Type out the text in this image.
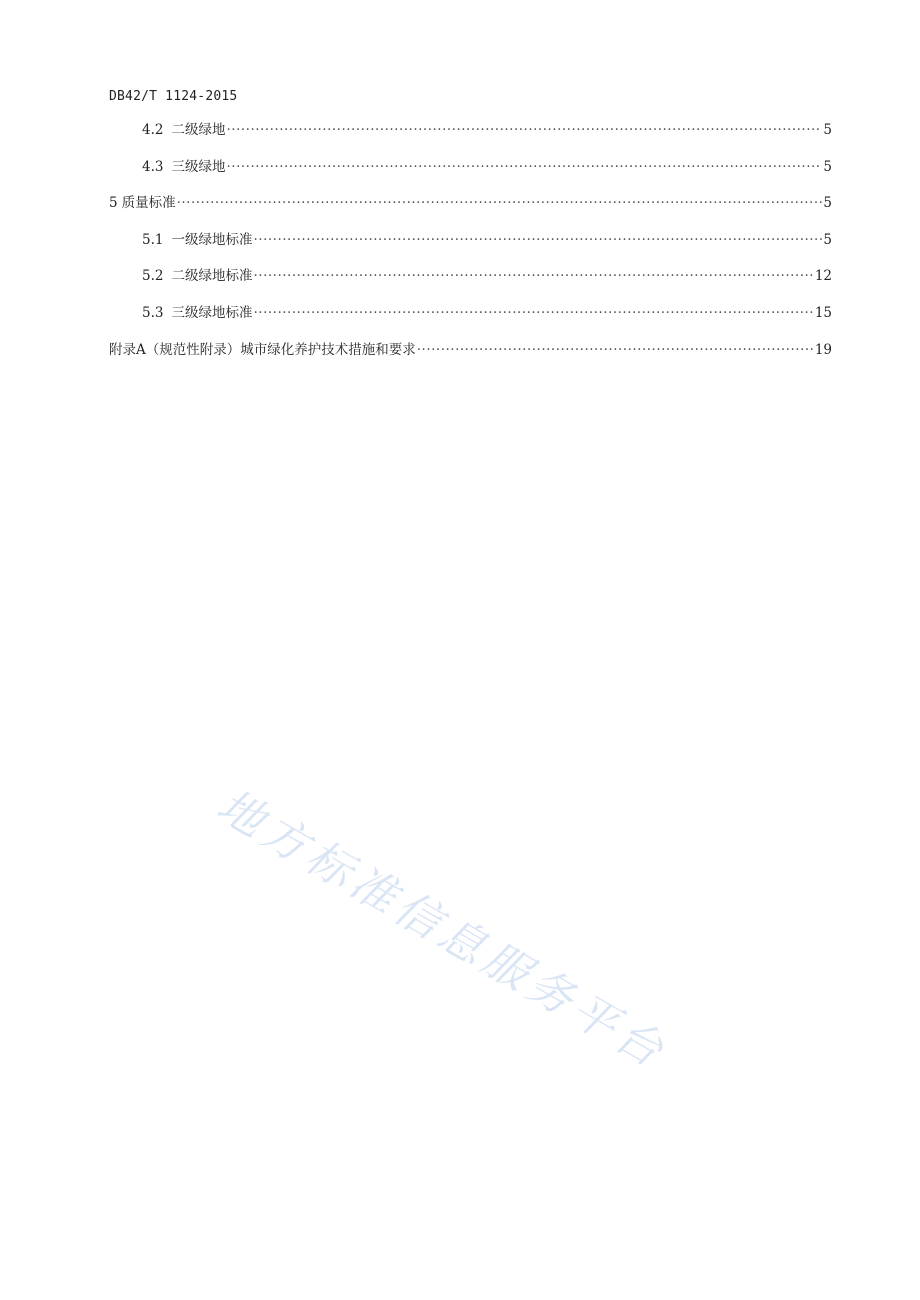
DB42/T 1124-2015
4.2 二级绿地 ·····	5
4.3 三级绿地 ·····	5
5 质量标准 ·····	5
5.1 一级绿地标准 ·····	5
5.2 二级绿地标准 ·····	12
5.3 三级绿地标准 ·····	15
附录A（规范性附录）城市绿化养护技术措施和要求 ·····	19
地方标准信息服务平台
